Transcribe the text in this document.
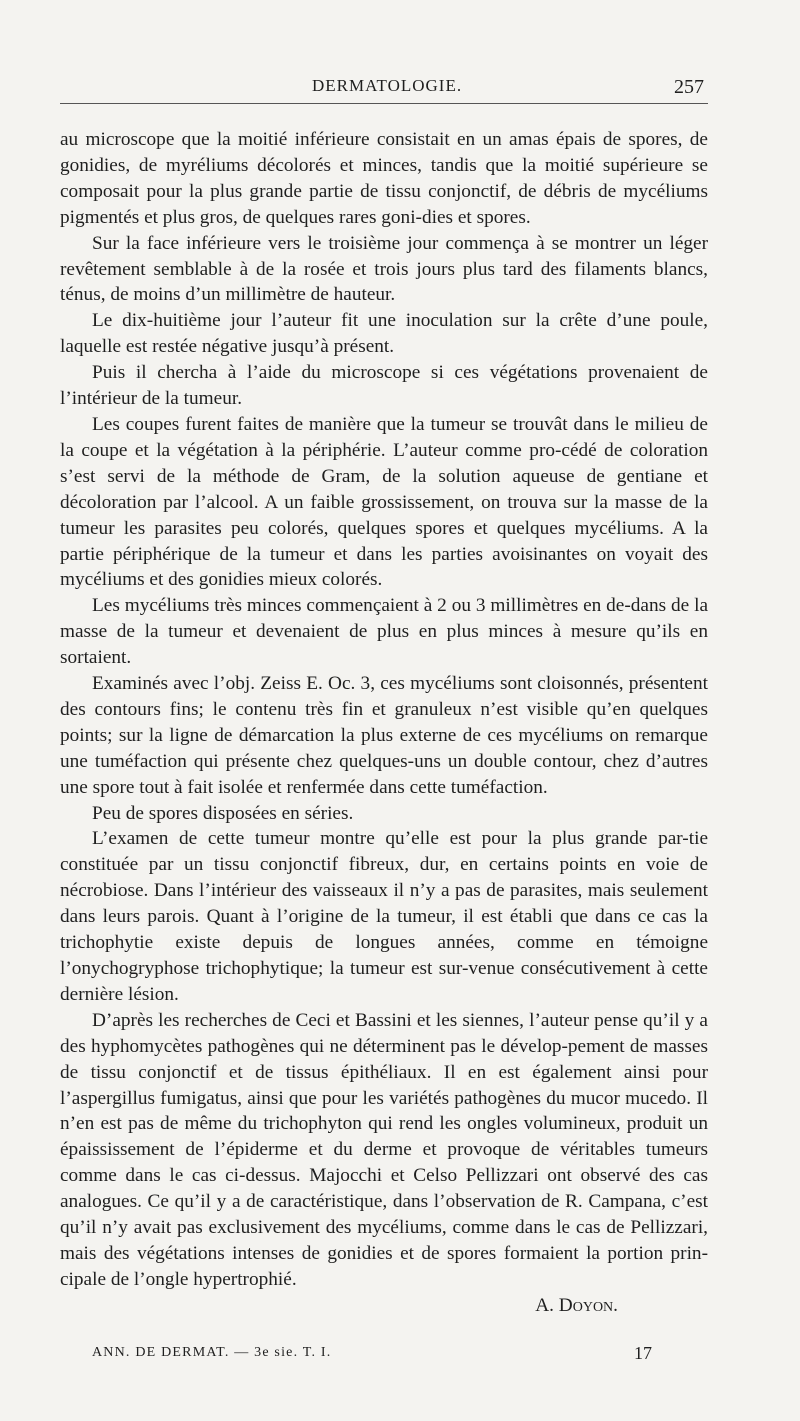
DERMATOLOGIE.	257

au microscope que la moitié inférieure consistait en un amas épais de spores, de gonidies, de myréliums décolorés et minces, tandis que la moitié supérieure se composait pour la plus grande partie de tissu conjonctif, de débris de mycéliums pigmentés et plus gros, de quelques rares goni-dies et spores.

Sur la face inférieure vers le troisième jour commença à se montrer un léger revêtement semblable à de la rosée et trois jours plus tard des filaments blancs, ténus, de moins d’un millimètre de hauteur.

Le dix-huitième jour l’auteur fit une inoculation sur la crête d’une poule, laquelle est restée négative jusqu’à présent.

Puis il chercha à l’aide du microscope si ces végétations provenaient de l’intérieur de la tumeur.

Les coupes furent faites de manière que la tumeur se trouvât dans le milieu de la coupe et la végétation à la périphérie. L’auteur comme pro-cédé de coloration s’est servi de la méthode de Gram, de la solution aqueuse de gentiane et décoloration par l’alcool. A un faible grossissement, on trouva sur la masse de la tumeur les parasites peu colorés, quelques spores et quelques mycéliums. A la partie périphérique de la tumeur et dans les parties avoisinantes on voyait des mycéliums et des gonidies mieux colorés.

Les mycéliums très minces commençaient à 2 ou 3 millimètres en de-dans de la masse de la tumeur et devenaient de plus en plus minces à mesure qu’ils en sortaient.

Examinés avec l’obj. Zeiss E. Oc. 3, ces mycéliums sont cloisonnés, présentent des contours fins; le contenu très fin et granuleux n’est visible qu’en quelques points; sur la ligne de démarcation la plus externe de ces mycéliums on remarque une tuméfaction qui présente chez quelques-uns un double contour, chez d’autres une spore tout à fait isolée et renfermée dans cette tuméfaction.

Peu de spores disposées en séries.

L’examen de cette tumeur montre qu’elle est pour la plus grande par-tie constituée par un tissu conjonctif fibreux, dur, en certains points en voie de nécrobiose. Dans l’intérieur des vaisseaux il n’y a pas de parasites, mais seulement dans leurs parois. Quant à l’origine de la tumeur, il est établi que dans ce cas la trichophytie existe depuis de longues années, comme en témoigne l’onychogryphose trichophytique; la tumeur est sur-venue consécutivement à cette dernière lésion.

D’après les recherches de Ceci et Bassini et les siennes, l’auteur pense qu’il y a des hyphomycètes pathogènes qui ne déterminent pas le dévelop-pement de masses de tissu conjonctif et de tissus épithéliaux. Il en est également ainsi pour l’aspergillus fumigatus, ainsi que pour les variétés pathogènes du mucor mucedo. Il n’en est pas de même du trichophyton qui rend les ongles volumineux, produit un épaississement de l’épiderme et du derme et provoque de véritables tumeurs comme dans le cas ci-dessus. Majocchi et Celso Pellizzari ont observé des cas analogues. Ce qu’il y a de caractéristique, dans l’observation de R. Campana, c’est qu’il n’y avait pas exclusivement des mycéliums, comme dans le cas de Pellizzari, mais des végétations intenses de gonidies et de spores formaient la portion prin-cipale de l’ongle hypertrophié.

A. Doyon.

ANN. DE DERMAT. — 3e sie. T. I.	17
